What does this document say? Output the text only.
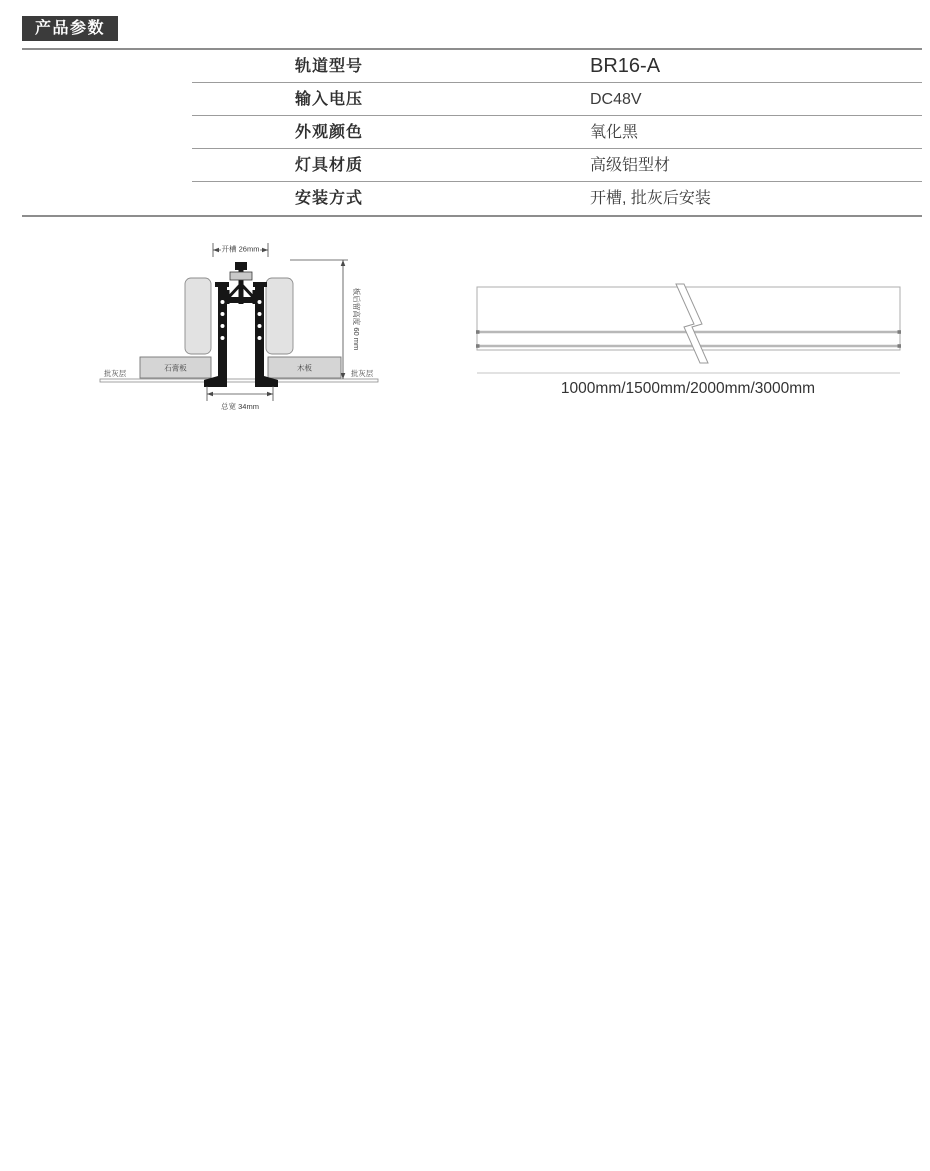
产品参数
轨道型号	BR16-A
输入电压	DC48V
外观颜色	氧化黑
灯具材质	高级铝型材
安装方式	开槽, 批灰后安装
石膏板	木板
批灰层	批灰层
开槽 26mm
总宽 34mm
板后留高度 60 mm
1000mm/1500mm/2000mm/3000mm
